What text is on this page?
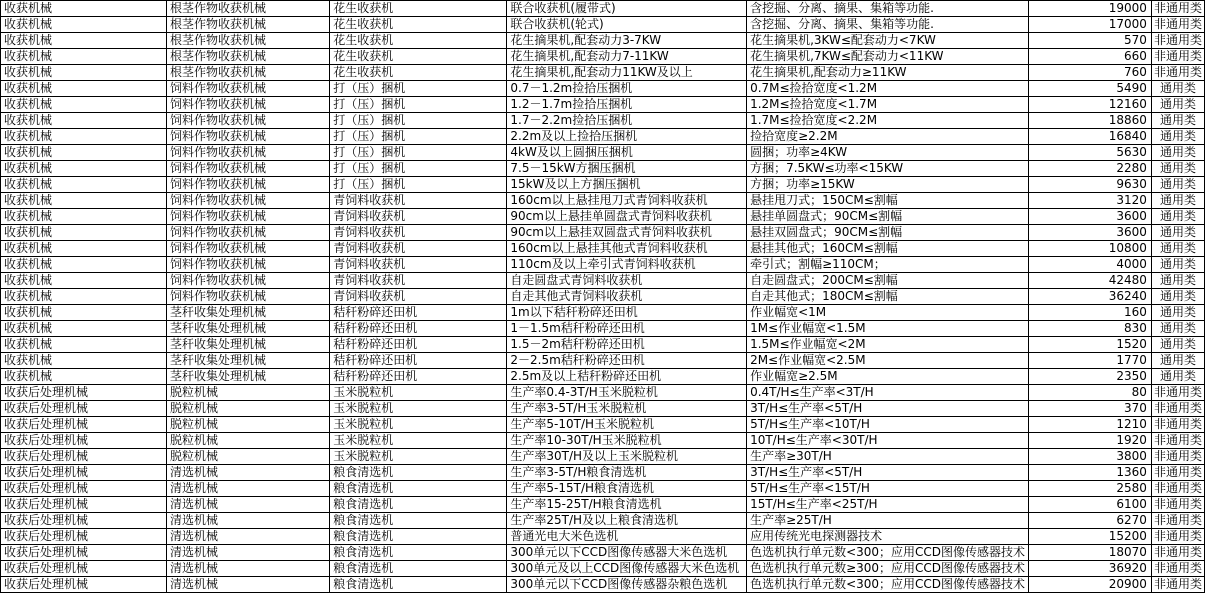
收获机械	根茎作物收获机械	花生收获机	联合收获机(履带式)	含挖掘、分离、摘果、集箱等功能.	19000	非通用类
收获机械	根茎作物收获机械	花生收获机	联合收获机(轮式)	含挖掘、分离、摘果、集箱等功能.	17000	非通用类
收获机械	根茎作物收获机械	花生收获机	花生摘果机,配套动力3-7KW	花生摘果机,3KW≤配套动力<7KW	570	非通用类
收获机械	根茎作物收获机械	花生收获机	花生摘果机,配套动力7-11KW	花生摘果机,7KW≤配套动力<11KW	660	非通用类
收获机械	根茎作物收获机械	花生收获机	花生摘果机,配套动力11KW及以上	花生摘果机,配套动力≥11KW	760	非通用类
收获机械	饲料作物收获机械	打（压）捆机	0.7－1.2m捡拾压捆机	0.7M≤捡拾宽度<1.2M	5490	通用类
收获机械	饲料作物收获机械	打（压）捆机	1.2－1.7m捡拾压捆机	1.2M≤捡拾宽度<1.7M	12160	通用类
收获机械	饲料作物收获机械	打（压）捆机	1.7－2.2m捡拾压捆机	1.7M≤捡拾宽度<2.2M	18860	通用类
收获机械	饲料作物收获机械	打（压）捆机	2.2m及以上捡拾压捆机	捡拾宽度≥2.2M	16840	通用类
收获机械	饲料作物收获机械	打（压）捆机	4kW及以上圆捆压捆机	圆捆；功率≥4KW	5630	通用类
收获机械	饲料作物收获机械	打（压）捆机	7.5－15kW方捆压捆机	方捆；7.5KW≤功率<15KW	2280	通用类
收获机械	饲料作物收获机械	打（压）捆机	15kW及以上方捆压捆机	方捆；功率≥15KW	9630	通用类
收获机械	饲料作物收获机械	青饲料收获机	160cm以上悬挂甩刀式青饲料收获机	悬挂甩刀式；150CM≤割幅	3120	通用类
收获机械	饲料作物收获机械	青饲料收获机	90cm以上悬挂单圆盘式青饲料收获机	悬挂单圆盘式；90CM≤割幅	3600	通用类
收获机械	饲料作物收获机械	青饲料收获机	90cm以上悬挂双圆盘式青饲料收获机	悬挂双圆盘式；90CM≤割幅	3600	通用类
收获机械	饲料作物收获机械	青饲料收获机	160cm以上悬挂其他式青饲料收获机	悬挂其他式；160CM≤割幅	10800	通用类
收获机械	饲料作物收获机械	青饲料收获机	110cm及以上牵引式青饲料收获机	牵引式；割幅≥110CM；	4000	通用类
收获机械	饲料作物收获机械	青饲料收获机	自走圆盘式青饲料收获机	自走圆盘式；200CM≤割幅	42480	通用类
收获机械	饲料作物收获机械	青饲料收获机	自走其他式青饲料收获机	自走其他式；180CM≤割幅	36240	通用类
收获机械	茎秆收集处理机械	秸秆粉碎还田机	1m以下秸秆粉碎还田机	作业幅宽<1M	160	通用类
收获机械	茎秆收集处理机械	秸秆粉碎还田机	1－1.5m秸秆粉碎还田机	1M≤作业幅宽<1.5M	830	通用类
收获机械	茎秆收集处理机械	秸秆粉碎还田机	1.5－2m秸秆粉碎还田机	1.5M≤作业幅宽<2M	1520	通用类
收获机械	茎秆收集处理机械	秸秆粉碎还田机	2－2.5m秸秆粉碎还田机	2M≤作业幅宽<2.5M	1770	通用类
收获机械	茎秆收集处理机械	秸秆粉碎还田机	2.5m及以上秸秆粉碎还田机	作业幅宽≥2.5M	2350	通用类
收获后处理机械	脱粒机械	玉米脱粒机	生产率0.4-3T/H玉米脱粒机	0.4T/H≤生产率<3T/H	80	非通用类
收获后处理机械	脱粒机械	玉米脱粒机	生产率3-5T/H玉米脱粒机	3T/H≤生产率<5T/H	370	非通用类
收获后处理机械	脱粒机械	玉米脱粒机	生产率5-10T/H玉米脱粒机	5T/H≤生产率<10T/H	1210	非通用类
收获后处理机械	脱粒机械	玉米脱粒机	生产率10-30T/H玉米脱粒机	10T/H≤生产率<30T/H	1920	非通用类
收获后处理机械	脱粒机械	玉米脱粒机	生产率30T/H及以上玉米脱粒机	生产率≥30T/H	3800	非通用类
收获后处理机械	清选机械	粮食清选机	生产率3-5T/H粮食清选机	3T/H≤生产率<5T/H	1360	非通用类
收获后处理机械	清选机械	粮食清选机	生产率5-15T/H粮食清选机	5T/H≤生产率<15T/H	2580	非通用类
收获后处理机械	清选机械	粮食清选机	生产率15-25T/H粮食清选机	15T/H≤生产率<25T/H	6100	非通用类
收获后处理机械	清选机械	粮食清选机	生产率25T/H及以上粮食清选机	生产率≥25T/H	6270	非通用类
收获后处理机械	清选机械	粮食清选机	普通光电大米色选机	应用传统光电探测器技术	15200	非通用类
收获后处理机械	清选机械	粮食清选机	300单元以下CCD图像传感器大米色选机	色选机执行单元数<300；应用CCD图像传感器技术	18070	非通用类
收获后处理机械	清选机械	粮食清选机	300单元及以上CCD图像传感器大米色选机	色选机执行单元数≥300；应用CCD图像传感器技术	36920	非通用类
收获后处理机械	清选机械	粮食清选机	300单元以下CCD图像传感器杂粮色选机	色选机执行单元数<300；应用CCD图像传感器技术	20900	非通用类
